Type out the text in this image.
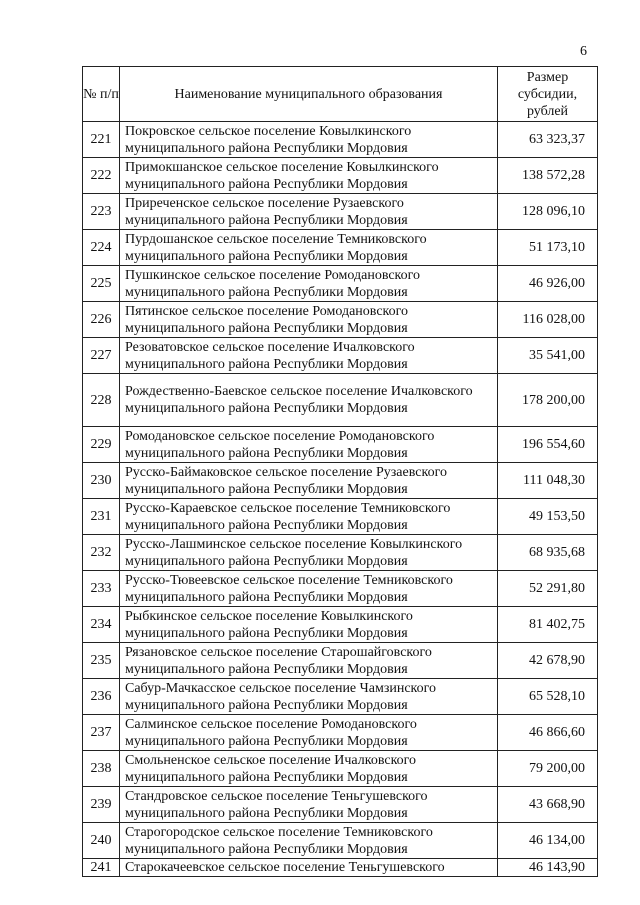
6
№ п/п	Наименование муниципального образования	Размер субсидии, рублей
221	Покровское сельское поселение Ковылкинского муниципального района Республики Мордовия	63 323,37
222	Примокшанское сельское поселение Ковылкинского муниципального района Республики Мордовия	138 572,28
223	Приреченское сельское поселение Рузаевского муниципального района Республики Мордовия	128 096,10
224	Пурдошанское сельское поселение Темниковского муниципального района Республики Мордовия	51 173,10
225	Пушкинское сельское поселение Ромодановского муниципального района Республики Мордовия	46 926,00
226	Пятинское сельское поселение Ромодановского муниципального района Республики Мордовия	116 028,00
227	Резоватовское сельское поселение Ичалковского муниципального района Республики Мордовия	35 541,00
228	Рождественно-Баевское сельское поселение Ичалковского муниципального района Республики Мордовия	178 200,00
229	Ромодановское сельское поселение Ромодановского муниципального района Республики Мордовия	196 554,60
230	Русско-Баймаковское сельское поселение Рузаевского муниципального района Республики Мордовия	111 048,30
231	Русско-Караевское сельское поселение Темниковского муниципального района Республики Мордовия	49 153,50
232	Русско-Лашминское сельское поселение Ковылкинского муниципального района Республики Мордовия	68 935,68
233	Русско-Тювеевское сельское поселение Темниковского муниципального района Республики Мордовия	52 291,80
234	Рыбкинское сельское поселение Ковылкинского муниципального района Республики Мордовия	81 402,75
235	Рязановское сельское поселение Старошайговского муниципального района Республики Мордовия	42 678,90
236	Сабур-Мачкасское сельское поселение Чамзинского муниципального района Республики Мордовия	65 528,10
237	Салминское сельское поселение Ромодановского муниципального района Республики Мордовия	46 866,60
238	Смольненское сельское поселение Ичалковского муниципального района Республики Мордовия	79 200,00
239	Стандровское сельское поселение Теньгушевского муниципального района Республики Мордовия	43 668,90
240	Старогородское сельское поселение Темниковского муниципального района Республики Мордовия	46 134,00
241	Старокачеевское сельское поселение Теньгушевского	46 143,90
